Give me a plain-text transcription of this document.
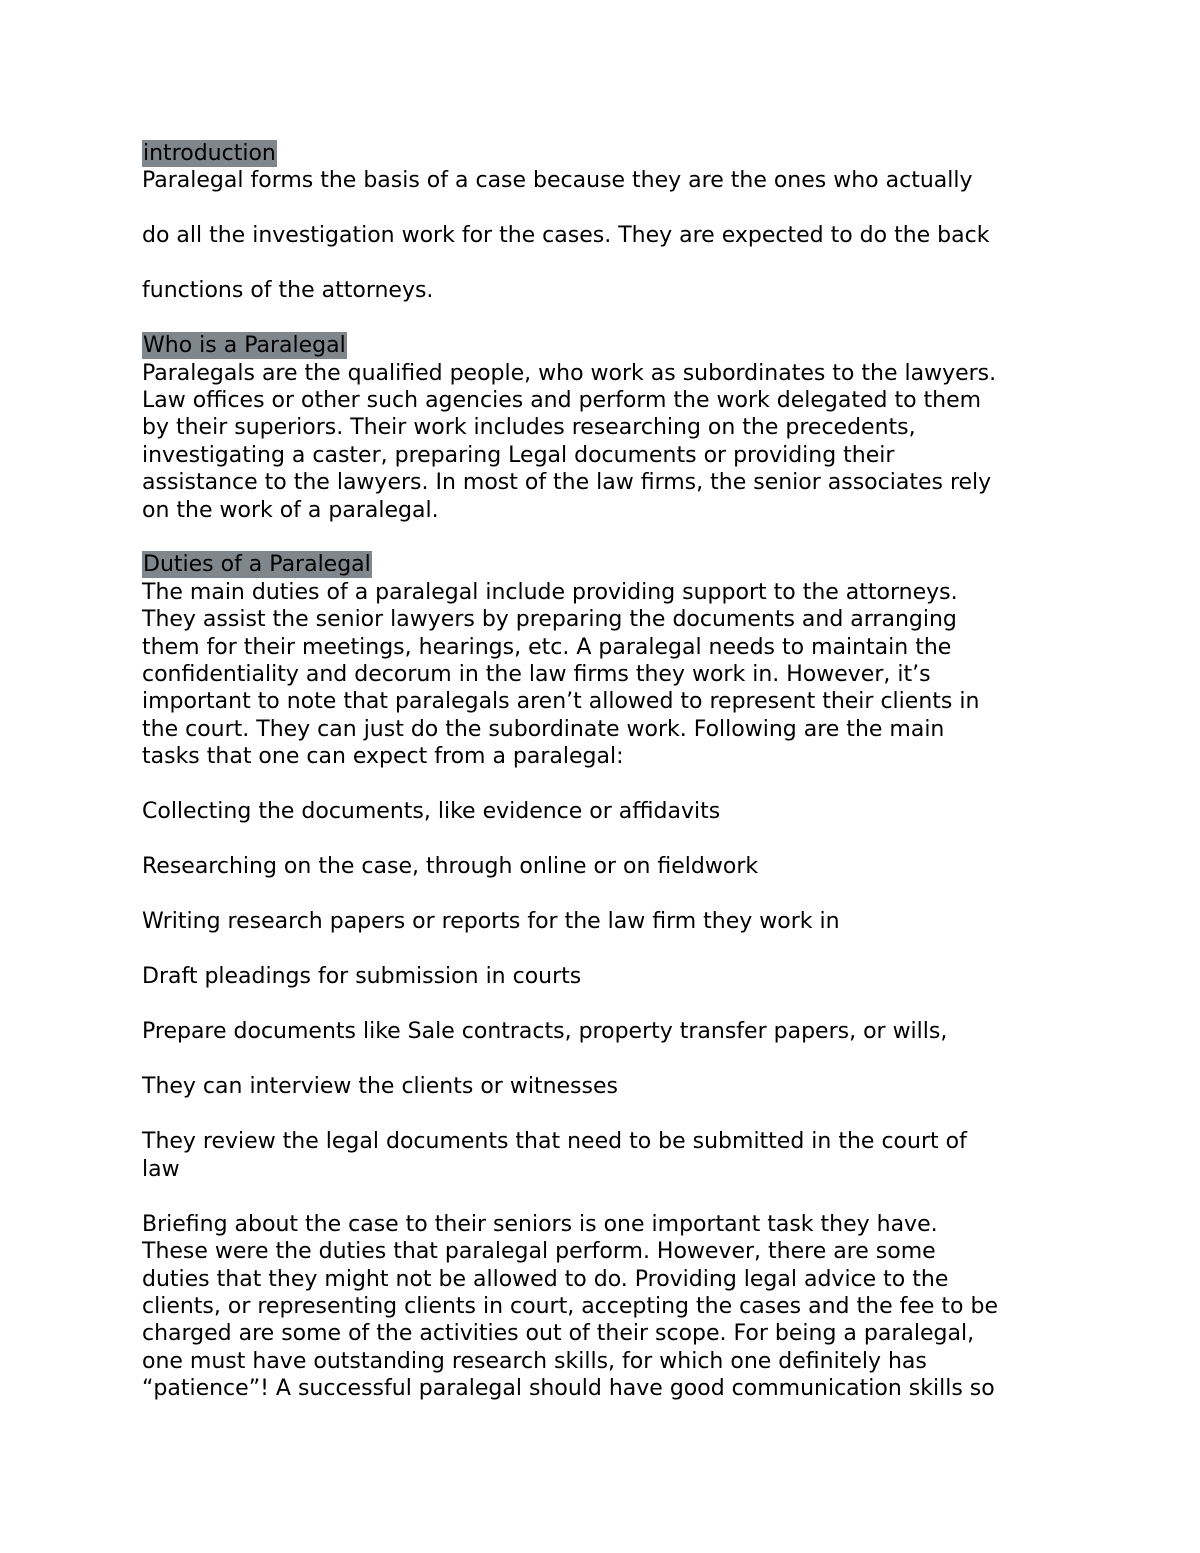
introduction
Paralegal forms the basis of a case because they are the ones who actually
do all the investigation work for the cases. They are expected to do the back
functions of the attorneys.
Who is a Paralegal
Paralegals are the qualified people, who work as subordinates to the lawyers.
Law offices or other such agencies and perform the work delegated to them
by their superiors. Their work includes researching on the precedents,
investigating a caster, preparing Legal documents or providing their
assistance to the lawyers. In most of the law firms, the senior associates rely
on the work of a paralegal.
Duties of a Paralegal
The main duties of a paralegal include providing support to the attorneys.
They assist the senior lawyers by preparing the documents and arranging
them for their meetings, hearings, etc. A paralegal needs to maintain the
confidentiality and decorum in the law firms they work in. However, it’s
important to note that paralegals aren’t allowed to represent their clients in
the court. They can just do the subordinate work. Following are the main
tasks that one can expect from a paralegal:
Collecting the documents, like evidence or affidavits
Researching on the case, through online or on fieldwork
Writing research papers or reports for the law firm they work in
Draft pleadings for submission in courts
Prepare documents like Sale contracts, property transfer papers, or wills,
They can interview the clients or witnesses
They review the legal documents that need to be submitted in the court of
law
Briefing about the case to their seniors is one important task they have.
These were the duties that paralegal perform. However, there are some
duties that they might not be allowed to do. Providing legal advice to the
clients, or representing clients in court, accepting the cases and the fee to be
charged are some of the activities out of their scope. For being a paralegal,
one must have outstanding research skills, for which one definitely has
“patience”! A successful paralegal should have good communication skills so
